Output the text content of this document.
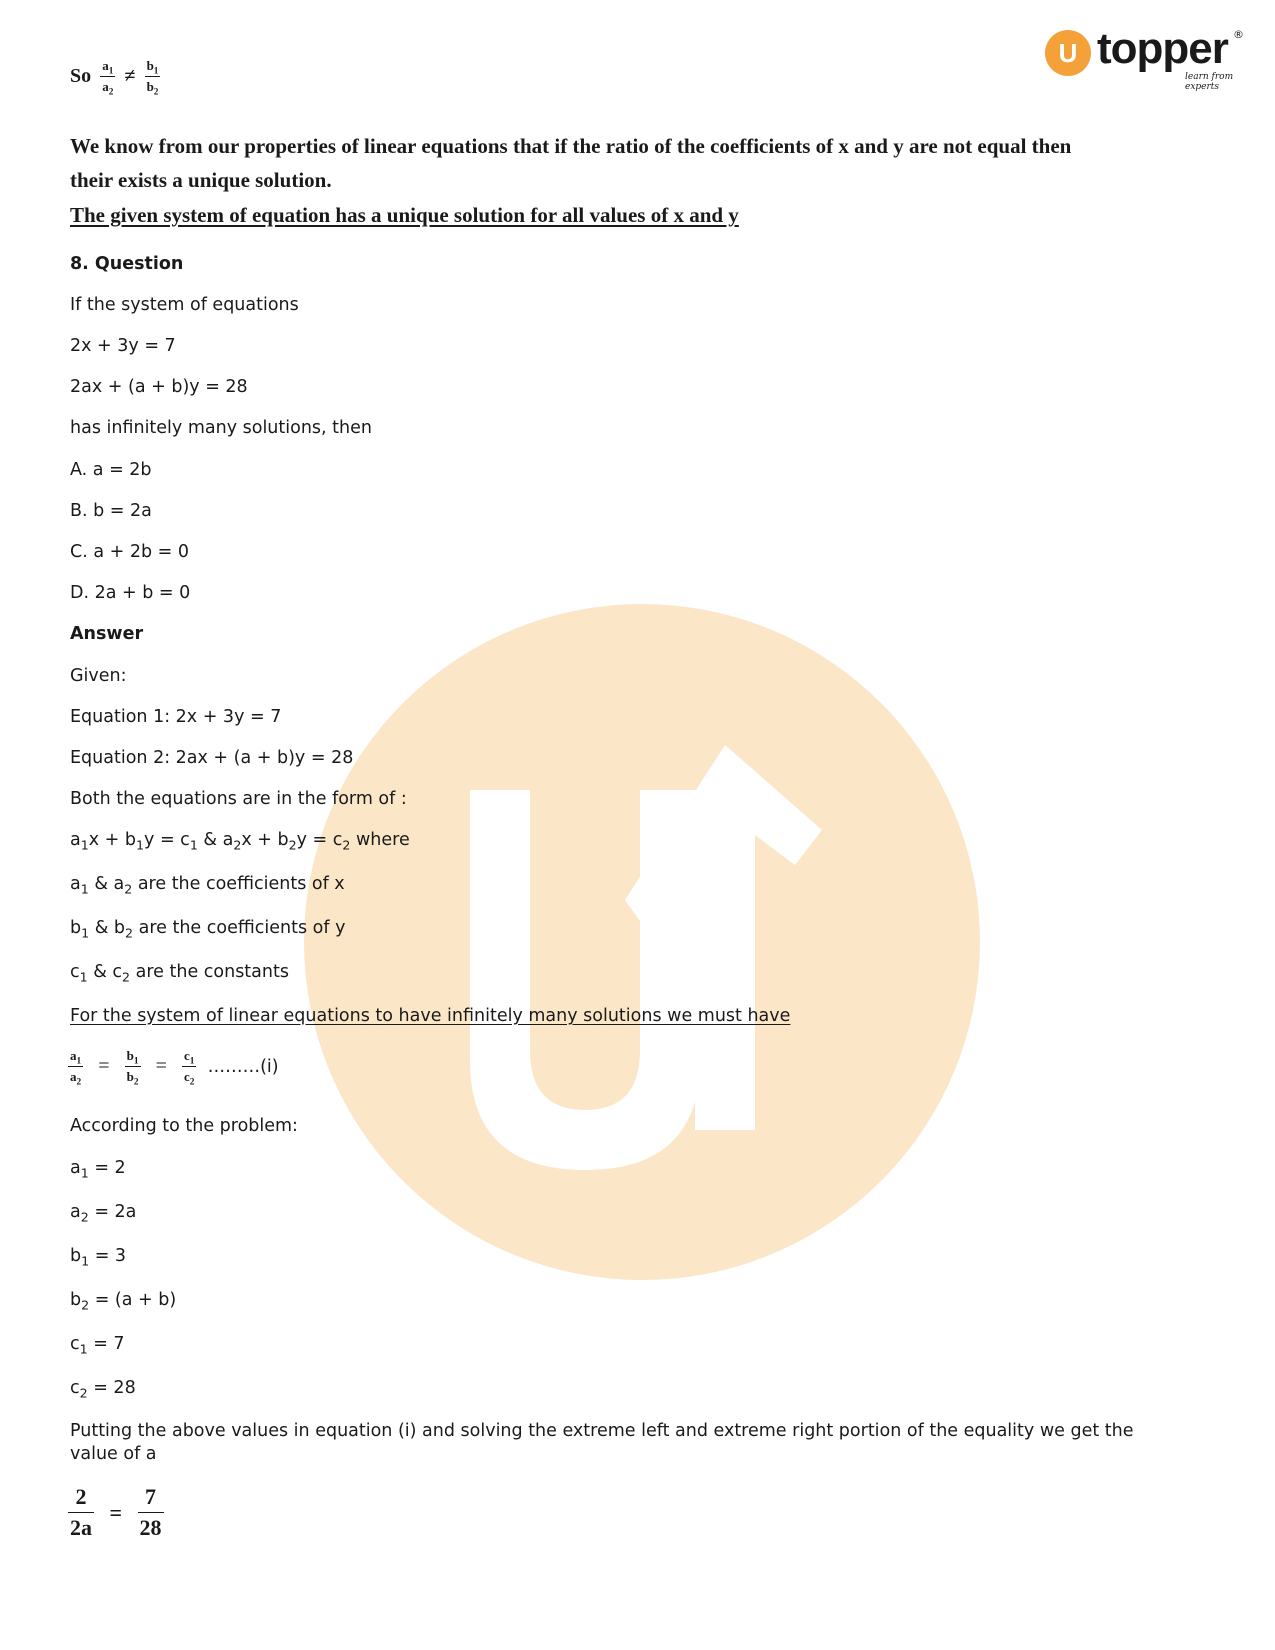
U topper
learn from experts
®
So $\frac{a_1}{a_2} \ne \frac{b_1}{b_2}$
We know from our properties of linear equations that if the ratio of the coefficients of x and y are not equal then
their exists a unique solution.
The given system of equation has a unique solution for all values of x and y
8. Question
If the system of equations
2x + 3y = 7
2ax + (a + b)y = 28
has infinitely many solutions, then
A. a = 2b
B. b = 2a
C. a + 2b = 0
D. 2a + b = 0
Answer
Given:
Equation 1: 2x + 3y = 7
Equation 2: 2ax + (a + b)y = 28
Both the equations are in the form of :
$a_1x + b_1y = c_1$ & $a_2x + b_2y = c_2$ where
$a_1$ & $a_2$ are the coefficients of x
$b_1$ & $b_2$ are the coefficients of y
$c_1$ & $c_2$ are the constants
For the system of linear equations to have infinitely many solutions we must have
$\frac{a_1}{a_2} = \frac{b_1}{b_2} = \frac{c_1}{c_2}$ ………(i)
According to the problem:
$a_1 = 2$
$a_2 = 2a$
$b_1 = 3$
$b_2 = (a + b)$
$c_1 = 7$
$c_2 = 28$
Putting the above values in equation (i) and solving the extreme left and extreme right portion of the equality we get the
value of a
$\frac{2}{2a} = \frac{7}{28}$
